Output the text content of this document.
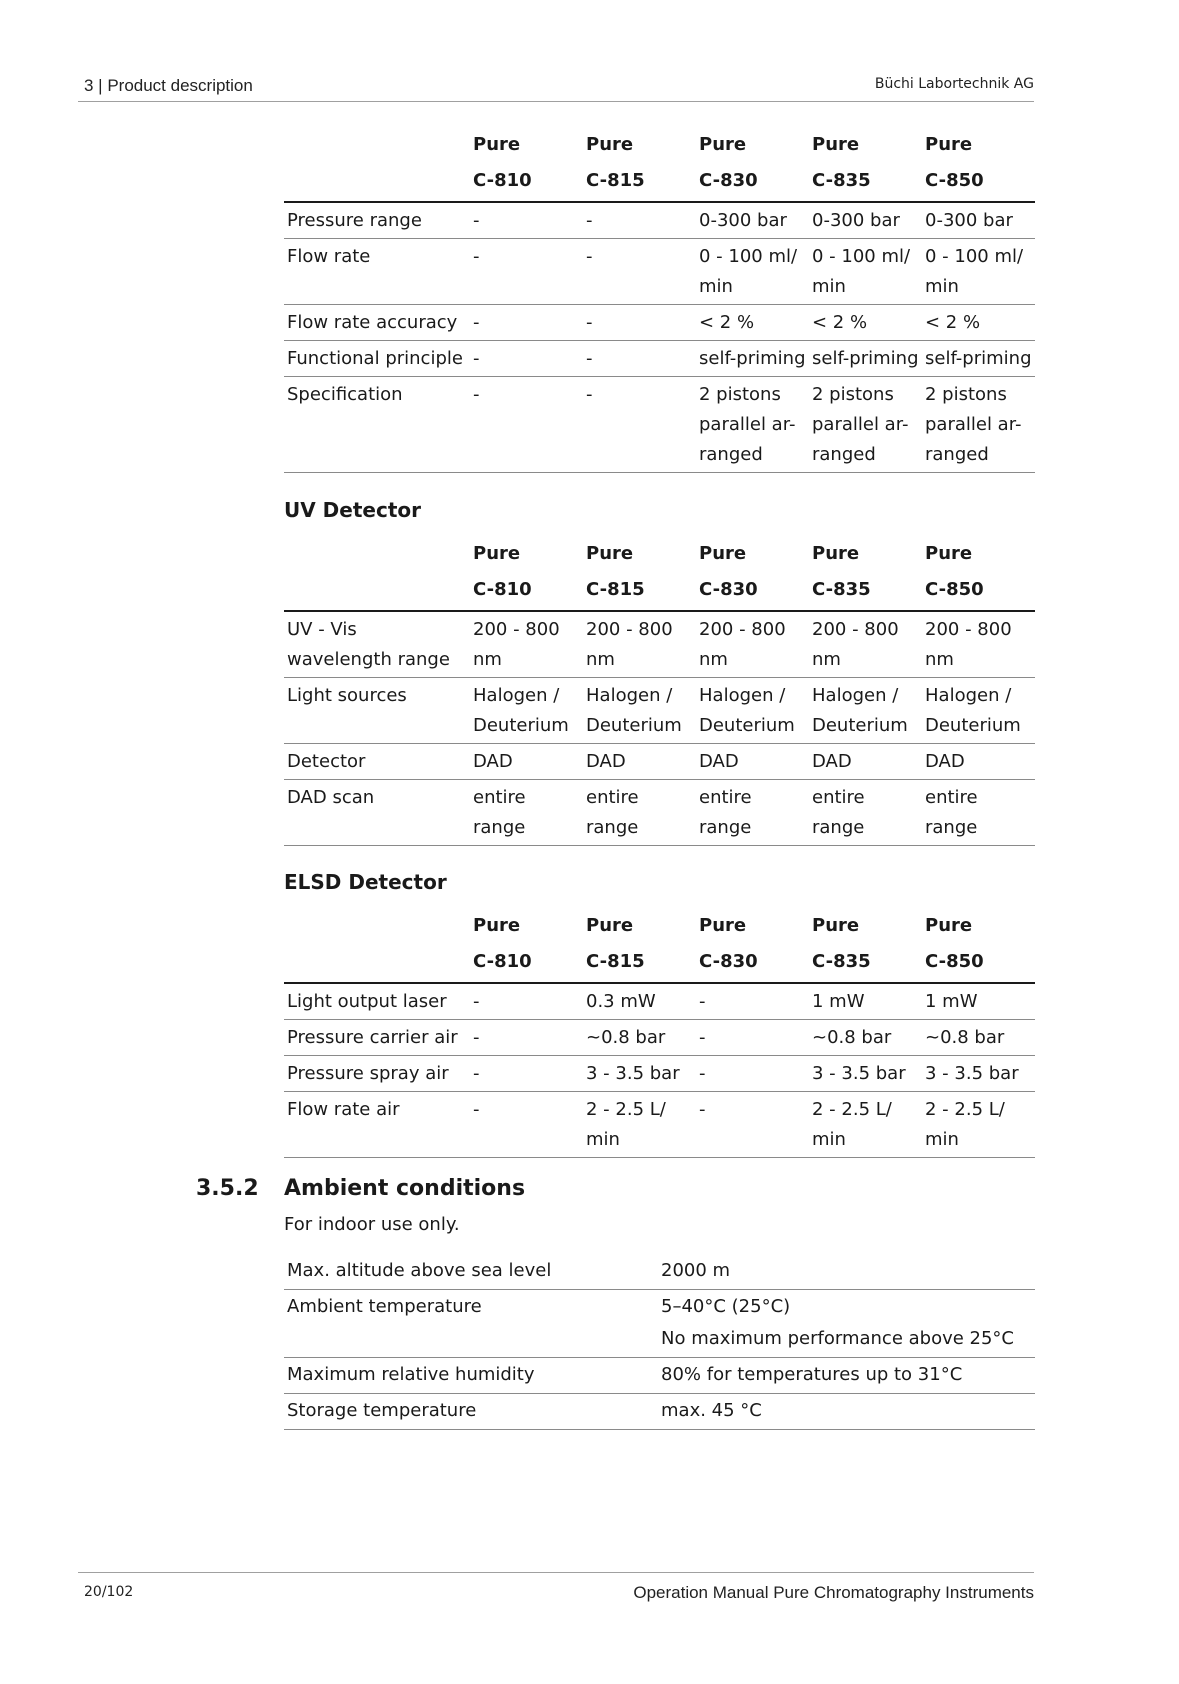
3 | Product description	Büchi Labortechnik AG
	Pure	Pure	Pure	Pure	Pure
	C-810	C-815	C-830	C-835	C-850
Pressure range	-	-	0-300 bar	0-300 bar	0-300 bar
Flow rate	-	-	0 - 100 ml/ min	0 - 100 ml/ min	0 - 100 ml/ min
Flow rate accuracy	-	-	< 2 %	< 2 %	< 2 %
Functional principle	-	-	self-priming	self-priming	self-priming
Specification	-	-	2 pistons parallel ar-ranged	2 pistons parallel ar-ranged	2 pistons parallel ar-ranged
UV Detector
	Pure	Pure	Pure	Pure	Pure
	C-810	C-815	C-830	C-835	C-850
UV - Vis wavelength range	200 - 800 nm	200 - 800 nm	200 - 800 nm	200 - 800 nm	200 - 800 nm
Light sources	Halogen / Deuterium	Halogen / Deuterium	Halogen / Deuterium	Halogen / Deuterium	Halogen / Deuterium
Detector	DAD	DAD	DAD	DAD	DAD
DAD scan	entire range	entire range	entire range	entire range	entire range
ELSD Detector
	Pure	Pure	Pure	Pure	Pure
	C-810	C-815	C-830	C-835	C-850
Light output laser	-	0.3 mW	-	1 mW	1 mW
Pressure carrier air	-	~0.8 bar	-	~0.8 bar	~0.8 bar
Pressure spray air	-	3 - 3.5 bar	-	3 - 3.5 bar	3 - 3.5 bar
Flow rate air	-	2 - 2.5 L/ min	-	2 - 2.5 L/ min	2 - 2.5 L/ min
3.5.2 Ambient conditions
For indoor use only.
Max. altitude above sea level	2000 m
Ambient temperature	5–40°C (25°C)
No maximum performance above 25°C

Maximum relative humidity	80% for temperatures up to 31°C
Storage temperature	max. 45 °C
20/102	Operation Manual Pure Chromatography Instruments
